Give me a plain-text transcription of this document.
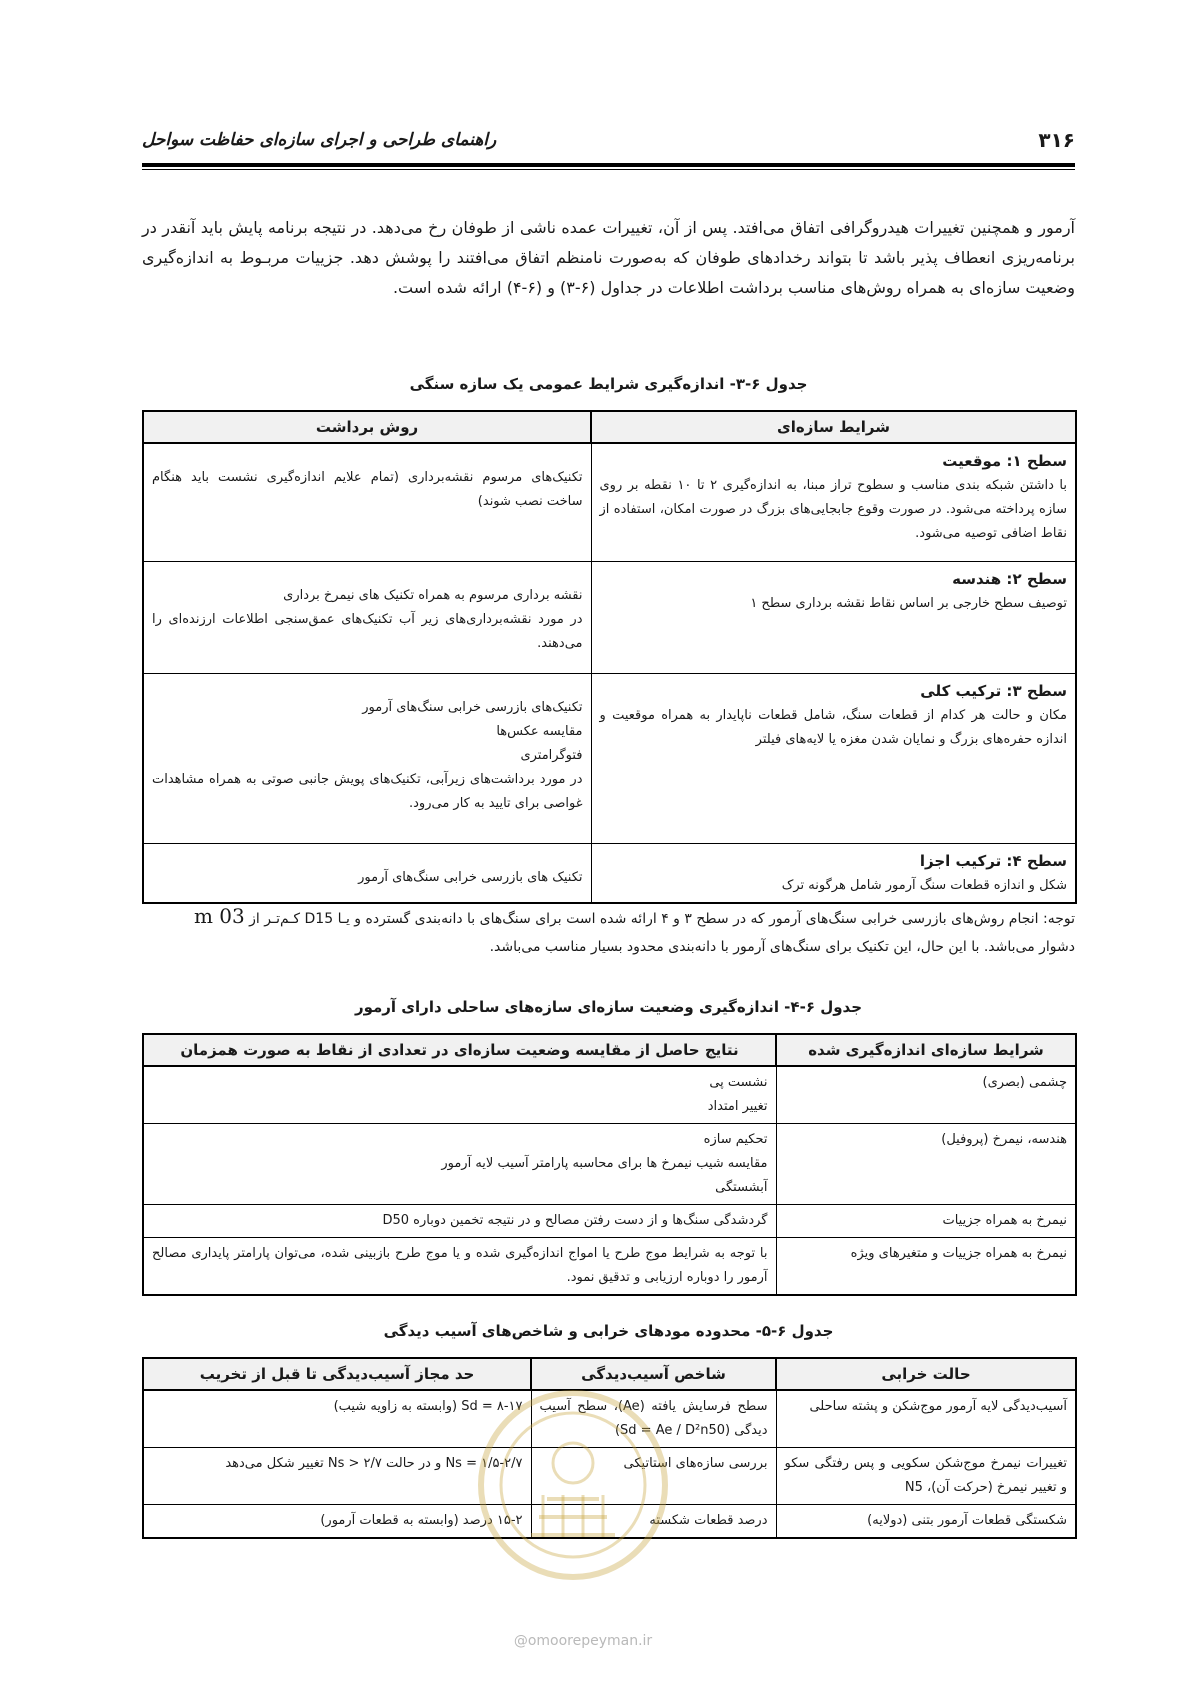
۳۱۶
راهنمای طراحی و اجرای سازه‌ای حفاظت سواحل

آرمور و همچنین تغییرات هیدروگرافی اتفاق می‌افتد. پس از آن، تغییرات عمده ناشی از طوفان رخ می‌دهد. در نتیجه برنامه پایش باید آنقدر در برنامه‌ریزی انعطاف پذیر باشد تا بتواند رخدادهای طوفان که به‌صورت نامنظم اتفاق می‌افتند را پوشش دهد. جزییات مربـوط به اندازه‌گیری وضعیت سازه‌ای به همراه روش‌های مناسب برداشت اطلاعات در جداول (۶-۳) و (۶-۴) ارائه شده است.

جدول ۶-۳- اندازه‌گیری شرایط عمومی یک سازه سنگی
شرایط سازه‌ای	روش برداشت

سطح ۱: موقعیت
با داشتن شبکه بندی مناسب و سطوح تراز مبنا، به اندازه‌گیری ۲ تا ۱۰ نقطه بر روی سازه پرداخته می‌شود. در صورت وقوع جابجایی‌های بزرگ در صورت امکان، استفاده از نقاط اضافی توصیه می‌شود.	تکنیک‌های مرسوم نقشه‌برداری (تمام علایم اندازه‌گیری نشست باید هنگام ساخت نصب شوند)

سطح ۲: هندسه
توصیف سطح خارجی بر اساس نقاط نقشه برداری سطح ۱	نقشه برداری مرسوم به همراه تکنیک های نیمرخ برداری
در مورد نقشه‌برداری‌های زیر آب تکنیک‌های عمق‌سنجی اطلاعات ارزنده‌ای را می‌دهند.

سطح ۳: ترکیب کلی
مکان و حالت هر کدام از قطعات سنگ، شامل قطعات ناپایدار به همراه موقعیت و اندازه حفره‌های بزرگ و نمایان شدن مغزه یا لایه‌های فیلتر	تکنیک‌های بازرسی خرابی سنگ‌های آرمور
مقایسه عکس‌ها
فتوگرامتری
در مورد برداشت‌های زیرآبی، تکنیک‌های پویش جانبی صوتی به همراه مشاهدات غواصی برای تایید به کار می‌رود.

سطح ۴: ترکیب اجزا
شکل و اندازه قطعات سنگ آرمور شامل هرگونه ترک	تکنیک های بازرسی خرابی سنگ‌های آرمور

توجه: انجام روش‌های بازرسی خرابی سنگ‌های آرمور که در سطح ۳ و ۴ ارائه شده است برای سنگ‌های با دانه‌بندی گسترده و یـا D15 کـم‌تـر از 03 m

دشوار می‌باشد. با این حال، این تکنیک برای سنگ‌های آرمور با دانه‌بندی محدود بسیار مناسب می‌باشد.

جدول ۶-۴- اندازه‌گیری وضعیت سازه‌ای سازه‌های ساحلی دارای آرمور
شرایط سازه‌ای اندازه‌گیری شده	نتایج حاصل از مقایسه وضعیت سازه‌ای در تعدادی از نقاط به صورت همزمان
چشمی (بصری)	نشست پی
تغییر امتداد

هندسه، نیمرخ (پروفیل)	تحکیم سازه
مقایسه شیب نیمرخ ها برای محاسبه پارامتر آسیب لایه آرمور
آبشستگی

نیمرخ به همراه جزییات	گردشدگی سنگ‌ها و از دست رفتن مصالح و در نتیجه تخمین دوباره D50

نیمرخ به همراه جزییات و متغیرهای ویژه	با توجه به شرایط موج طرح یا امواج اندازه‌گیری شده و یا موج طرح بازبینی شده، می‌توان پارامتر پایداری مصالح آرمور را دوباره ارزیابی و تدقیق نمود.
جدول ۶-۵- محدوده مودهای خرابی و شاخص‌های آسیب دیدگی
حالت خرابی	شاخص آسیب‌دیدگی	حد مجاز آسیب‌دیدگی تا قبل از تخریب
آسیب‌دیدگی لایه آرمور موج‌شکن و پشته ساحلی	سطح فرسایش یافته (Ae)، سطح آسیب دیدگی (Sd = Ae / D²n50)	Sd = ۸-۱۷ (وابسته به زاویه شیب)
تغییرات نیمرخ موج‌شکن سکویی و پس رفتگی سکو و تغییر نیمرخ (حرکت آن)، N5	بررسی سازه‌های استاتیکی	Ns = ۱/۵-۲/۷ و در حالت Ns > ۲/۷ تغییر شکل می‌دهد
شکستگی قطعات آرمور بتنی (دولایه)	درصد قطعات شکسته	۱۵-۲ درصد (وابسته به قطعات آرمور)
@omoorepeyman.ir
